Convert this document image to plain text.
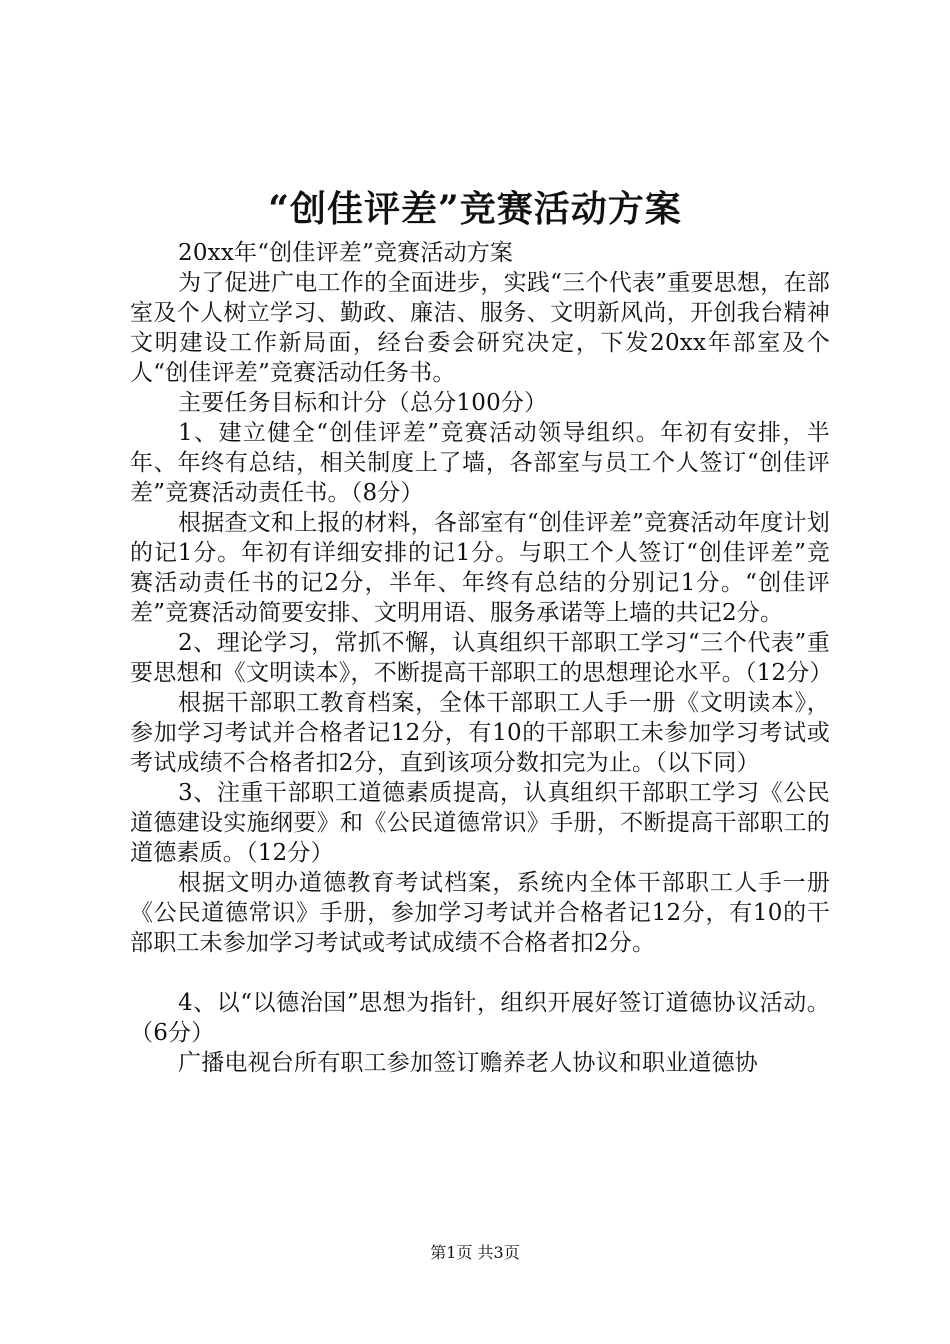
“创佳评差”竞赛活动方案

20xx年“创佳评差”竞赛活动方案

为了促进广电工作的全面进步，实践“三个代表”重要思想，在部室及个人树立学习、勤政、廉洁、服务、文明新风尚，开创我台精神文明建设工作新局面，经台委会研究决定，下发20xx年部室及个人“创佳评差”竞赛活动任务书。

主要任务目标和计分（总分100分）

1、建立健全“创佳评差”竞赛活动领导组织。年初有安排，半年、年终有总结，相关制度上了墙，各部室与员工个人签订“创佳评差”竞赛活动责任书。（8分）

根据查文和上报的材料，各部室有“创佳评差”竞赛活动年度计划的记1分。年初有详细安排的记1分。与职工个人签订“创佳评差”竞赛活动责任书的记2分，半年、年终有总结的分别记1分。“创佳评差”竞赛活动简要安排、文明用语、服务承诺等上墙的共记2分。

2、理论学习，常抓不懈，认真组织干部职工学习“三个代表”重要思想和《文明读本》，不断提高干部职工的思想理论水平。（12分）

根据干部职工教育档案，全体干部职工人手一册《文明读本》，参加学习考试并合格者记12分，有10的干部职工未参加学习考试或考试成绩不合格者扣2分，直到该项分数扣完为止。（以下同）

3、注重干部职工道德素质提高，认真组织干部职工学习《公民道德建设实施纲要》和《公民道德常识》手册，不断提高干部职工的道德素质。（12分）

根据文明办道德教育考试档案，系统内全体干部职工人手一册《公民道德常识》手册，参加学习考试并合格者记12分，有10的干部职工未参加学习考试或考试成绩不合格者扣2分。

4、以“以德治国”思想为指针，组织开展好签订道德协议活动。（6分）

广播电视台所有职工参加签订赡养老人协议和职业道德协

第1页 共3页
